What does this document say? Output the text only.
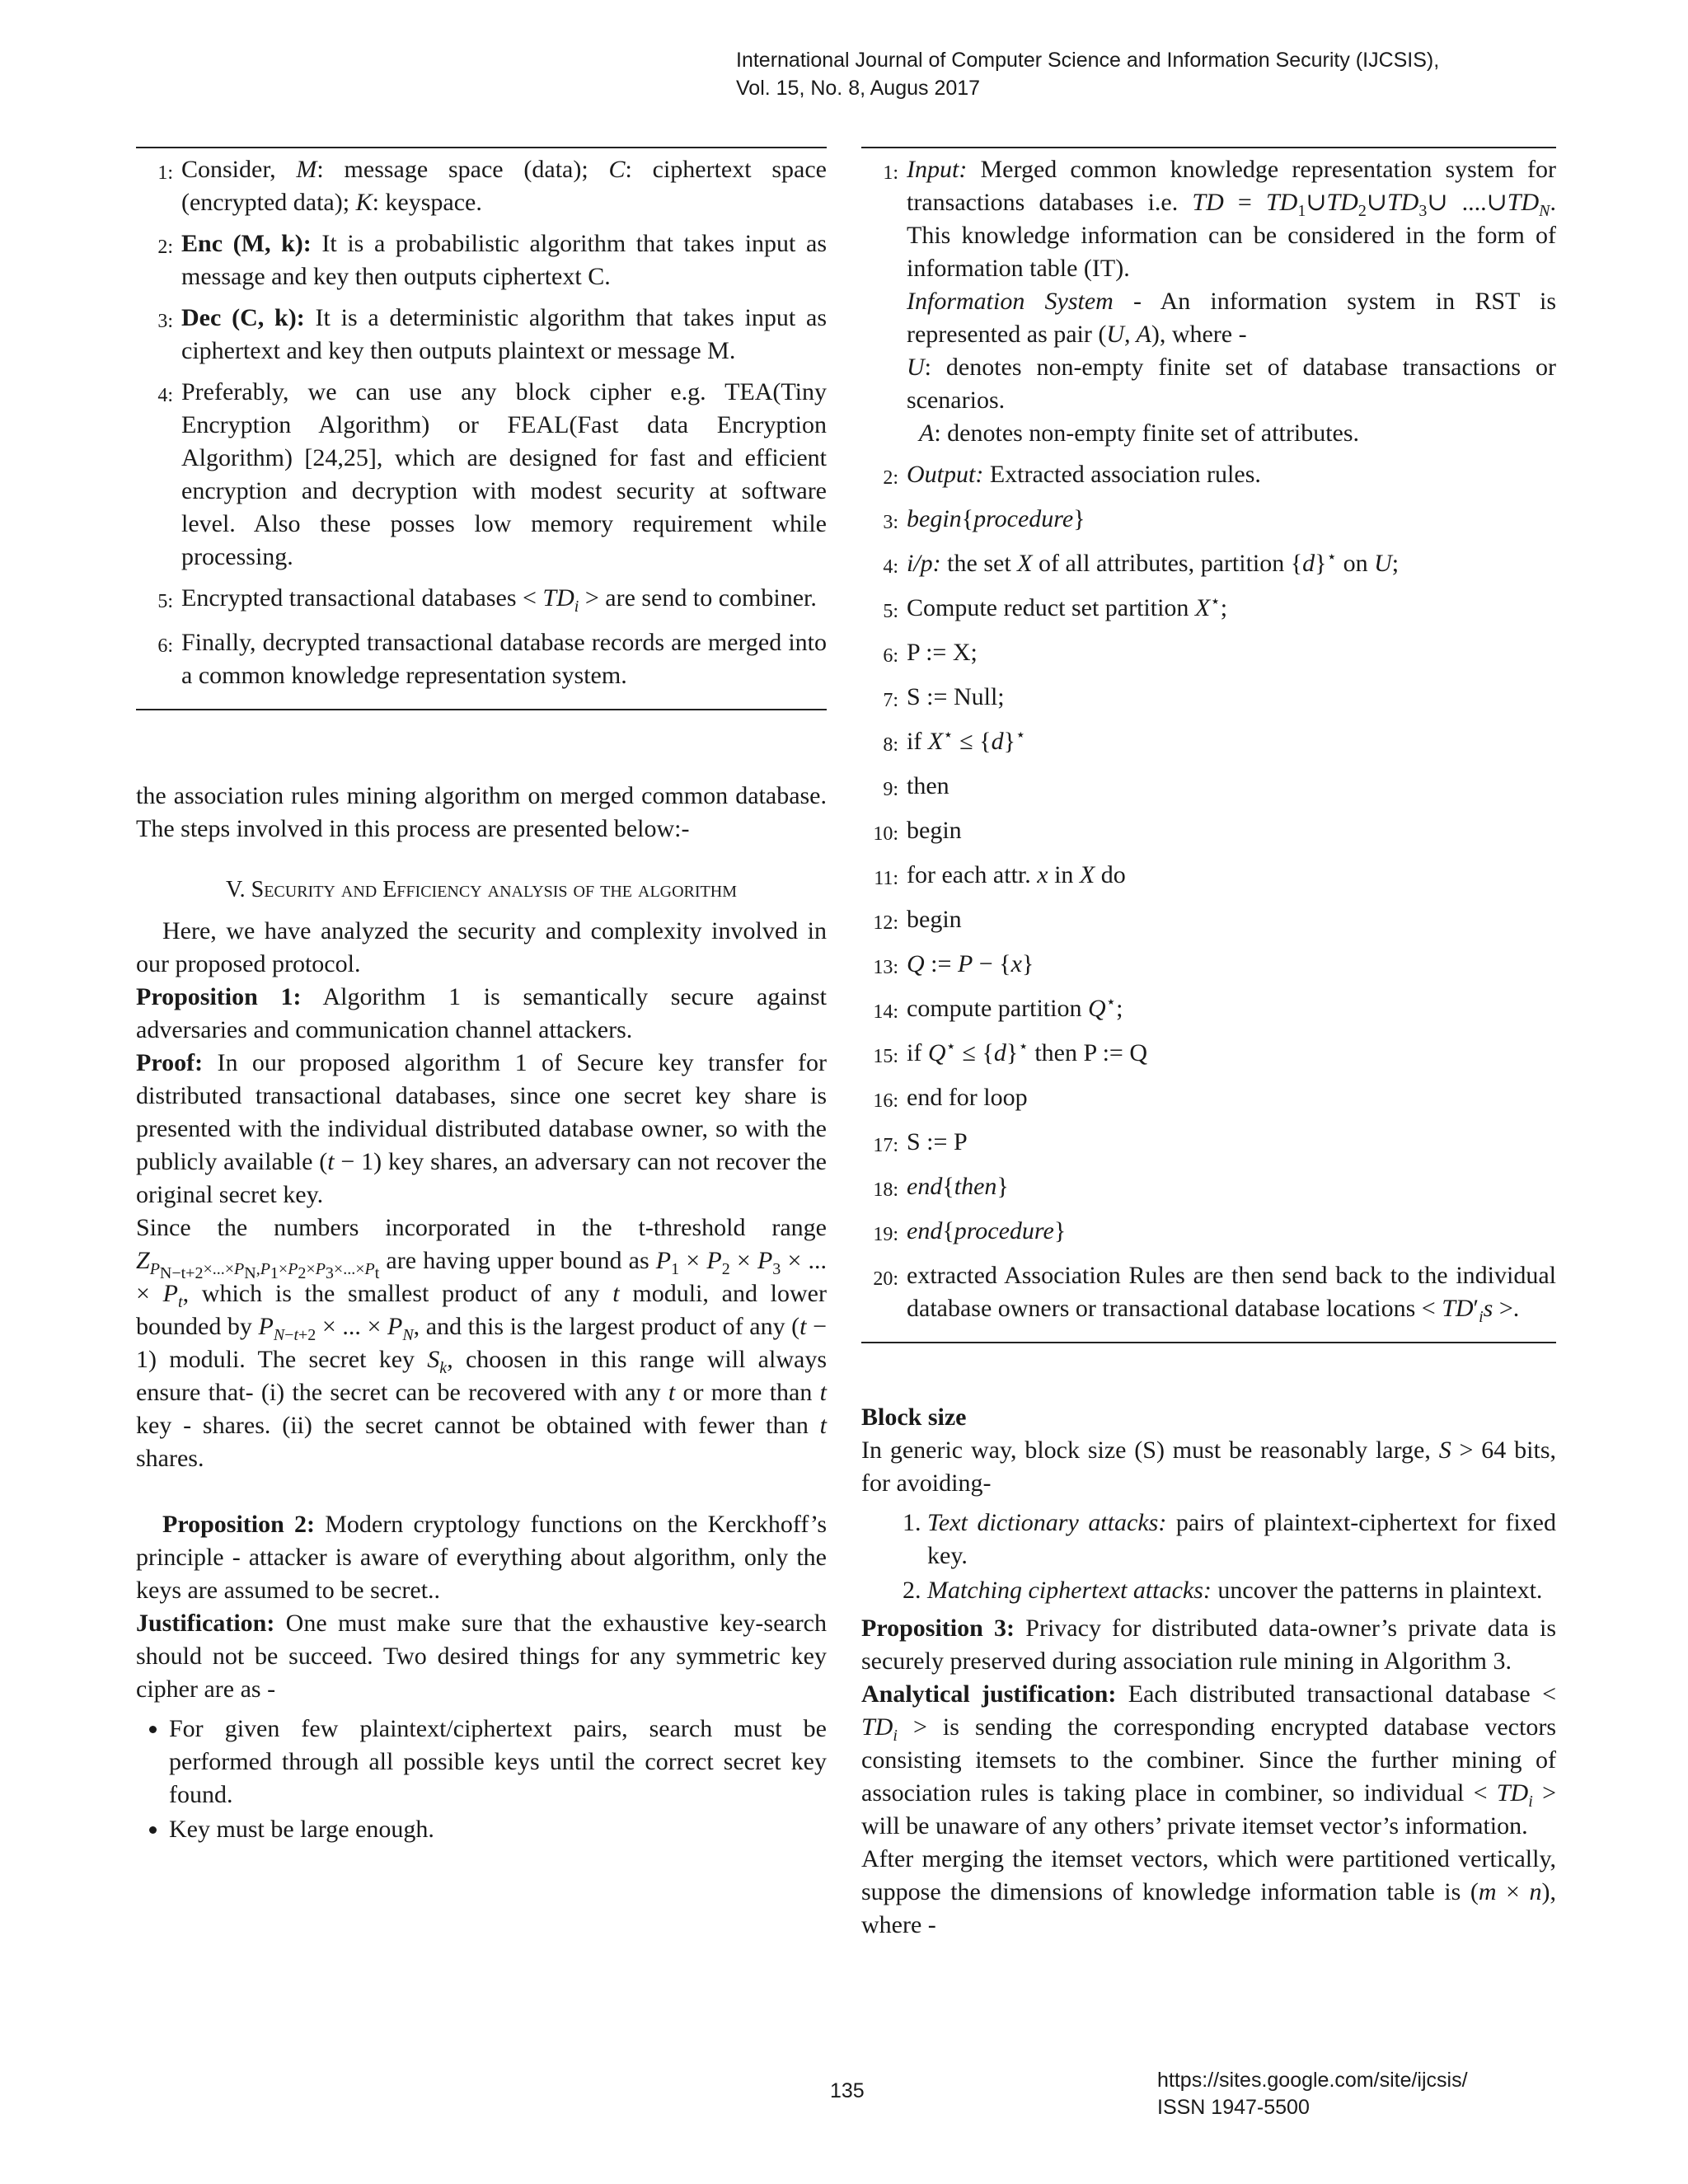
International Journal of Computer Science and Information Security (IJCSIS),
Vol. 15, No. 8, Augus 2017
1: Consider, M: message space (data); C: ciphertext space (encrypted data); K: keyspace.
2: Enc (M, k): It is a probabilistic algorithm that takes input as message and key then outputs ciphertext C.
3: Dec (C, k): It is a deterministic algorithm that takes input as ciphertext and key then outputs plaintext or message M.
4: Preferably, we can use any block cipher e.g. TEA(Tiny Encryption Algorithm) or FEAL(Fast data Encryption Algorithm) [24,25], which are designed for fast and efficient encryption and decryption with modest security at software level. Also these posses low memory requirement while processing.
5: Encrypted transactional databases < $TD_i$ > are send to combiner.
6: Finally, decrypted transactional database records are merged into a common knowledge representation system.

the association rules mining algorithm on merged common database. The steps involved in this process are presented below:-

V. Security and Efficiency analysis of the algorithm

Here, we have analyzed the security and complexity involved in our proposed protocol.

Proposition 1: Algorithm 1 is semantically secure against adversaries and communication channel attackers.

Proof: In our proposed algorithm 1 of Secure key transfer for distributed transactional databases, since one secret key share is presented with the individual distributed database owner, so with the publicly available (t − 1) key shares, an adversary can not recover the original secret key.

Since the numbers incorporated in the t-threshold range $Z_{P_{N-t+2}\times...\times P_N,P_1\times P_2\times P_3\times...\times P_t}$ are having upper bound as $P_1 \times P_2 \times P_3$ × ... × $P_t$, which is the smallest product of any t moduli, and lower bounded by $P_{N-t+2}$ × ... × $P_N$, and this is the largest product of any (t − 1) moduli. The secret key $S_k$, choosen in this range will always ensure that- (i) the secret can be recovered with any t or more than t key - shares. (ii) the secret cannot be obtained with fewer than t shares.

Proposition 2: Modern cryptology functions on the Kerckhoff’s principle - attacker is aware of everything about algorithm, only the keys are assumed to be secret..

Justification: One must make sure that the exhaustive key-search should not be succeed. Two desired things for any symmetric key cipher are as -

• For given few plaintext/ciphertext pairs, search must be performed through all possible keys until the correct secret key found.
• Key must be large enough.
1: Input: Merged common knowledge representation system for transactions databases i.e. TD = $TD_1\cup TD_2\cup TD_3\cup$ $....\cup TD_N$. This knowledge information can be considered in the form of information table (IT).
Information System - An information system in RST is represented as pair (U, A), where -
U: denotes non-empty finite set of database transactions or scenarios.
A: denotes non-empty finite set of attributes.
2: Output: Extracted association rules.
3: begin{procedure}
4: i/p: the set X of all attributes, partition {d}⋆ on U;
5: Compute reduct set partition X⋆;
6: P := X;
7: S := Null;
8: if X⋆ ≤ {d}⋆
9: then
10: begin
11: for each attr. x in X do
12: begin
13: Q := P − {x}
14: compute partition Q⋆;
15: if Q⋆ ≤ {d}⋆ then P := Q
16: end for loop
17: S := P
18: end{then}
19: end{procedure}
20: extracted Association Rules are then send back to the individual database owners or transactional database locations < $TD'_is$ >.

Block size

In generic way, block size (S) must be reasonably large, S > 64 bits, for avoiding-

1. Text dictionary attacks: pairs of plaintext-ciphertext for fixed key.
2. Matching ciphertext attacks: uncover the patterns in plaintext.

Proposition 3: Privacy for distributed data-owner’s private data is securely preserved during association rule mining in Algorithm 3.

Analytical justification: Each distributed transactional database < $TD_i$ > is sending the corresponding encrypted database vectors consisting itemsets to the combiner. Since the further mining of association rules is taking place in combiner, so individual < $TD_i$ > will be unaware of any others’ private itemset vector’s information.

After merging the itemset vectors, which were partitioned vertically, suppose the dimensions of knowledge information table is (m × n), where -

135	https://sites.google.com/site/ijcsis/
ISSN 1947-5500
